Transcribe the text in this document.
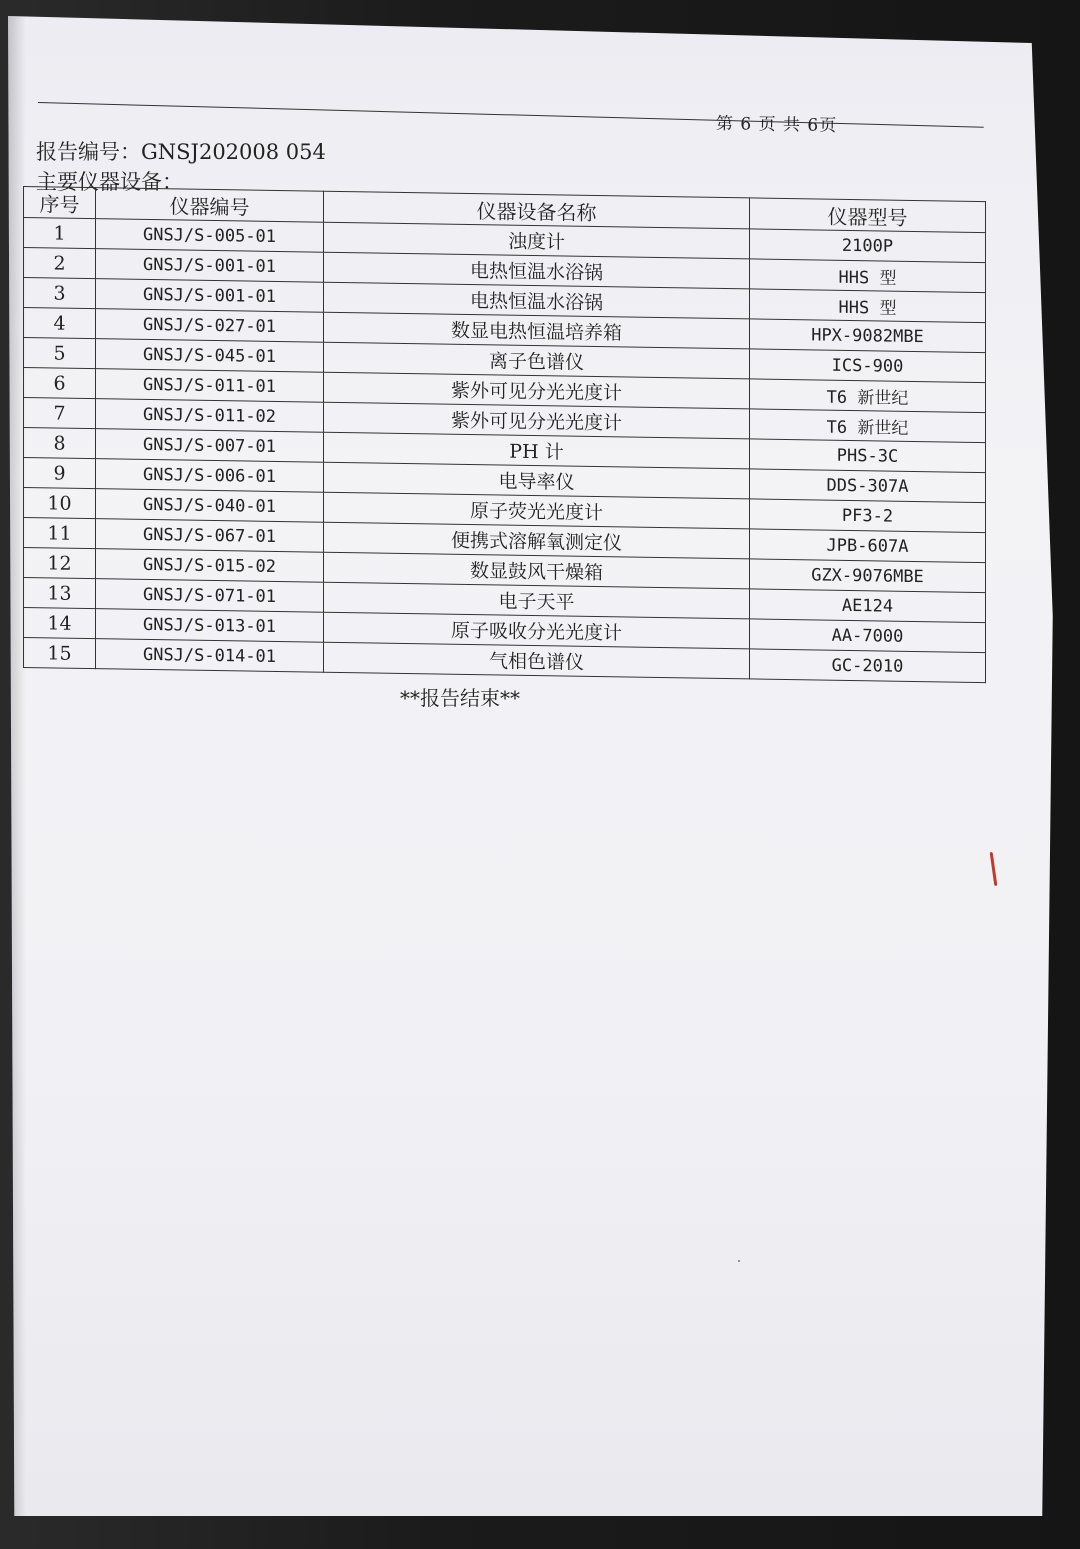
第 6 页 共 6页
报告编号：GNSJ202008 054
主要仪器设备：
序号	仪器编号	仪器设备名称	仪器型号
1	GNSJ/S-005-01	浊度计	2100P
2	GNSJ/S-001-01	电热恒温水浴锅	HHS 型
3	GNSJ/S-001-01	电热恒温水浴锅	HHS 型
4	GNSJ/S-027-01	数显电热恒温培养箱	HPX-9082MBE
5	GNSJ/S-045-01	离子色谱仪	ICS-900
6	GNSJ/S-011-01	紫外可见分光光度计	T6 新世纪
7	GNSJ/S-011-02	紫外可见分光光度计	T6 新世纪
8	GNSJ/S-007-01	PH 计	PHS-3C
9	GNSJ/S-006-01	电导率仪	DDS-307A
10	GNSJ/S-040-01	原子荧光光度计	PF3-2
11	GNSJ/S-067-01	便携式溶解氧测定仪	JPB-607A
12	GNSJ/S-015-02	数显鼓风干燥箱	GZX-9076MBE
13	GNSJ/S-071-01	电子天平	AE124
14	GNSJ/S-013-01	原子吸收分光光度计	AA-7000
15	GNSJ/S-014-01	气相色谱仪	GC-2010
**报告结束**
